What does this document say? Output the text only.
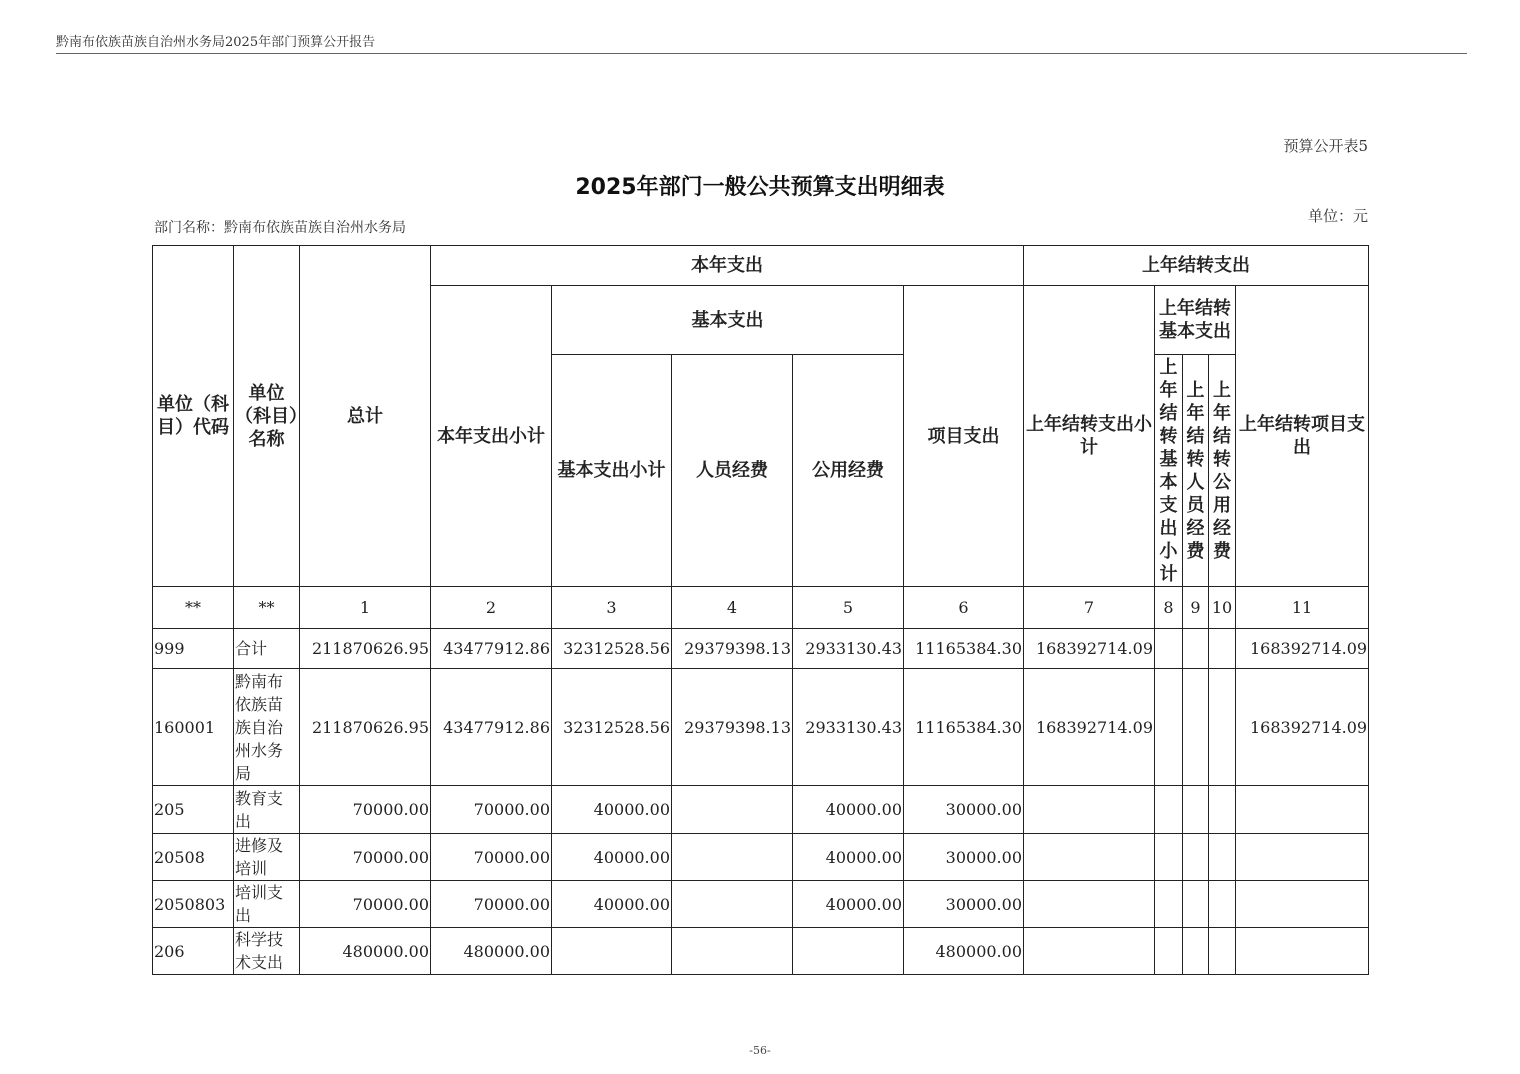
黔南布依族苗族自治州水务局2025年部门预算公开报告
预算公开表5
2025年部门一般公共预算支出明细表
部门名称：黔南布依族苗族自治州水务局
单位：元
单位（科目）代码	单位（科目）名称	总计	本年支出					上年结转支出				
			本年支出小计	基本支出			项目支出	上年结转支出小计	上年结转基本支出			上年结转项目支出
				基本支出小计	人员经费	公用经费			上年结转基本支出小计	上年结转人员经费	上年结转公用经费	

**	**	1	2	3	4	5	6	7	8	9	10	11
999	合计	211870626.95	43477912.86	32312528.56	29379398.13	2933130.43	11165384.30	168392714.09				168392714.09
160001	黔南布依族苗族自治州水务局	211870626.95	43477912.86	32312528.56	29379398.13	2933130.43	11165384.30	168392714.09				168392714.09
205	教育支出	70000.00	70000.00	40000.00		40000.00	30000.00					
20508	进修及培训	70000.00	70000.00	40000.00		40000.00	30000.00					
2050803	培训支出	70000.00	70000.00	40000.00		40000.00	30000.00					
206	科学技术支出	480000.00	480000.00				480000.00					
-56-
